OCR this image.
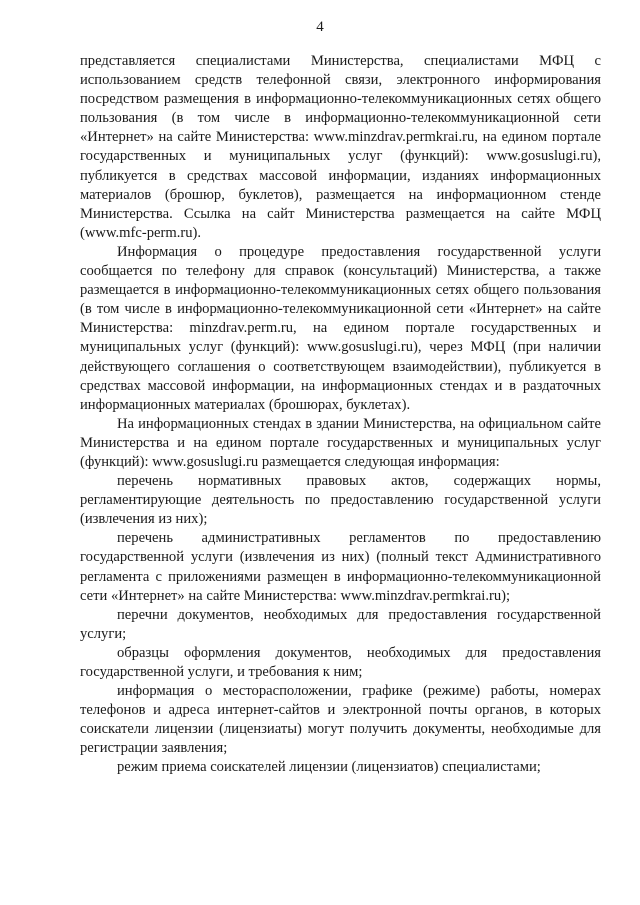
4

представляется специалистами Министерства, специалистами МФЦ с использованием средств телефонной связи, электронного информирования посредством размещения в информационно-телекоммуникационных сетях общего пользования (в том числе в информационно-телекоммуникационной сети «Интернет» на сайте Министерства: www.minzdrav.permkrai.ru, на едином портале государственных и муниципальных услуг (функций): www.gosuslugi.ru), публикуется в средствах массовой информации, изданиях информационных материалов (брошюр, буклетов), размещается на информационном стенде Министерства. Ссылка на сайт Министерства размещается на сайте МФЦ (www.mfc-perm.ru).

Информация о процедуре предоставления государственной услуги сообщается по телефону для справок (консультаций) Министерства, а также размещается в информационно-телекоммуникационных сетях общего пользования (в том числе в информационно-телекоммуникационной сети «Интернет» на сайте Министерства: minzdrav.perm.ru, на едином портале государственных и муниципальных услуг (функций): www.gosuslugi.ru), через МФЦ (при наличии действующего соглашения о соответствующем взаимодействии), публикуется в средствах массовой информации, на информационных стендах и в раздаточных информационных материалах (брошюрах, буклетах).

На информационных стендах в здании Министерства, на официальном сайте Министерства и на едином портале государственных и муниципальных услуг (функций): www.gosuslugi.ru размещается следующая информация:

перечень нормативных правовых актов, содержащих нормы, регламентирующие деятельность по предоставлению государственной услуги (извлечения из них);

перечень административных регламентов по предоставлению государственной услуги (извлечения из них) (полный текст Административного регламента с приложениями размещен в информационно-телекоммуникационной сети «Интернет» на сайте Министерства: www.minzdrav.permkrai.ru);

перечни документов, необходимых для предоставления государственной услуги;

образцы оформления документов, необходимых для предоставления государственной услуги, и требования к ним;

информация о месторасположении, графике (режиме) работы, номерах телефонов и адреса интернет-сайтов и электронной почты органов, в которых соискатели лицензии (лицензиаты) могут получить документы, необходимые для регистрации заявления;

режим приема соискателей лицензии (лицензиатов) специалистами;
